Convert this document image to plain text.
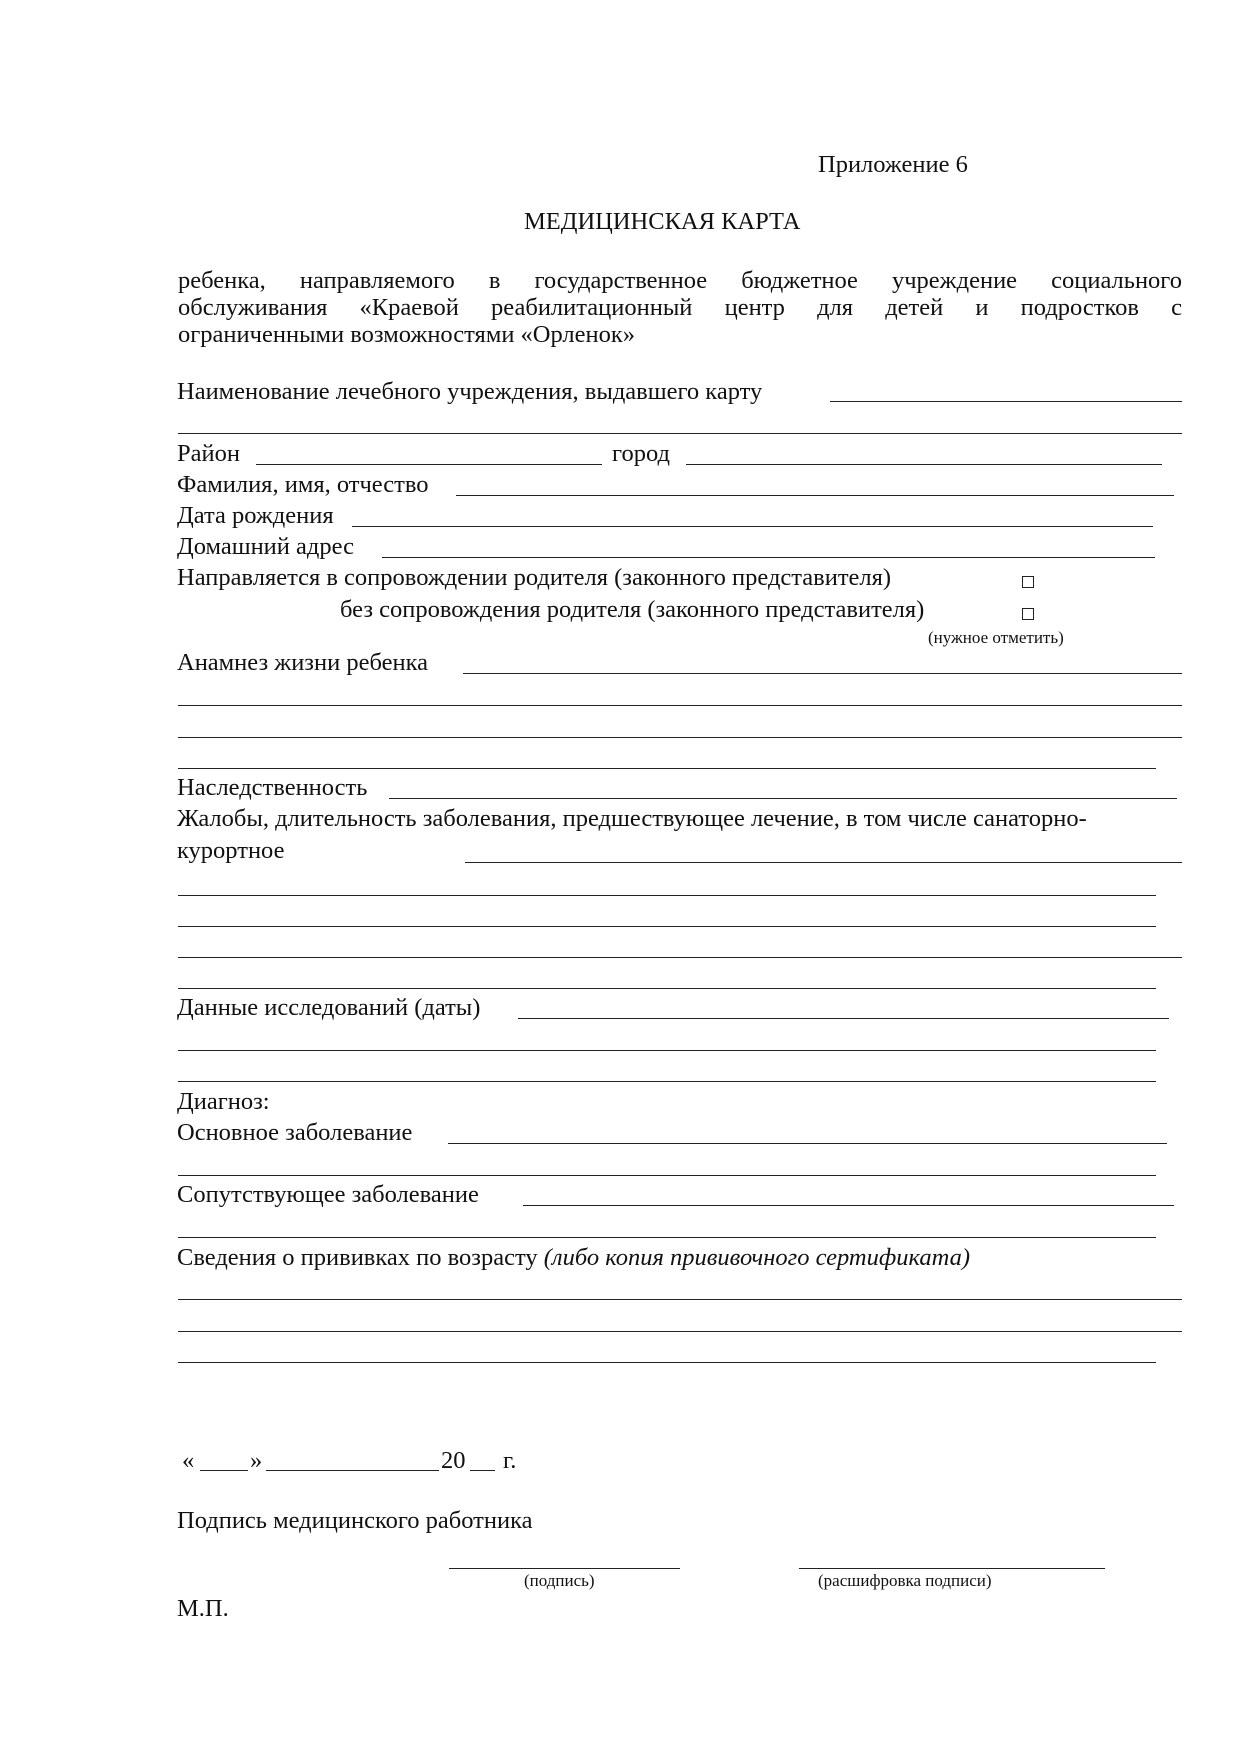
Приложение 6
МЕДИЦИНСКАЯ КАРТА
ребенка, направляемого в государственное бюджетное учреждение социального
обслуживания «Краевой реабилитационный центр для детей и подростков с
ограниченными возможностями «Орленок»
Наименование лечебного учреждения, выдавшего карту
Район	город
Фамилия, имя, отчество
Дата рождения
Домашний адрес
Направляется в сопровождении родителя (законного представителя)
без сопровождения родителя (законного представителя)
(нужное отметить)
Анамнез жизни ребенка
Наследственность
Жалобы, длительность заболевания, предшествующее лечение, в том числе санаторно-
курортное
Данные исследований (даты)
Диагноз:
Основное заболевание
Сопутствующее заболевание
Сведения о прививках по возрасту (либо копия прививочного сертификата)
« »	20 г.
Подпись медицинского работника
(подпись)	(расшифровка подписи)
М.П.
